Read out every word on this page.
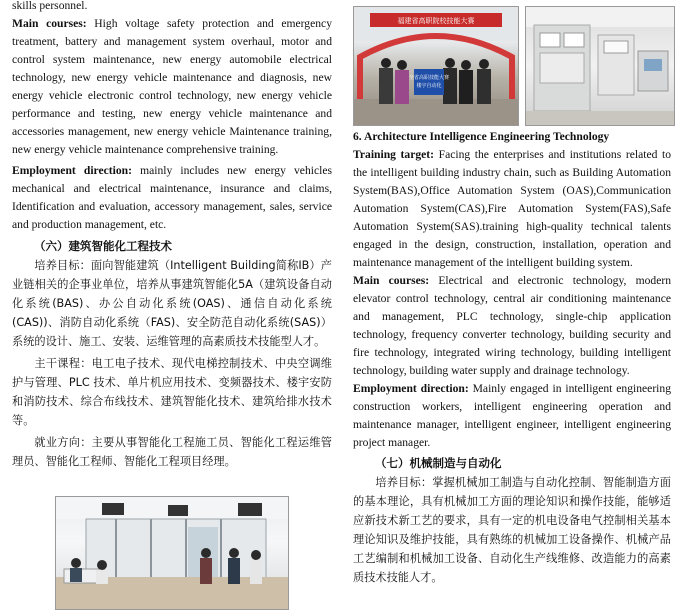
skills personnel.

Main courses: High voltage safety protection and emergency treatment, battery and management system overhaul, motor and control system maintenance, new energy automobile electrical technology, new energy vehicle maintenance and diagnosis, new energy vehicle electronic control technology, new energy vehicle performance and testing, new energy vehicle maintenance and accessories management, new energy vehicle Maintenance training, new energy vehicle maintenance comprehensive training.

Employment direction: mainly includes new energy vehicles mechanical and electrical maintenance, insurance and claims, Identification and evaluation, accessory management, sales, service and production management, etc.

（六）建筑智能化工程技术

培养目标：面向智能建筑（Intelligent Building简称IB）产业链相关的企事业单位，培养从事建筑智能化5A（建筑设备自动化系统(BAS)、办公自动化系统(OAS)、通信自动化系统(CAS))、消防自动化系统（FAS)、安全防范自动化系统(SAS)）系统的设计、施工、安装、运维管理的高素质技术技能型人才。

主干课程：电工电子技术、现代电梯控制技术、中央空调维护与管理、PLC 技术、单片机应用技术、变频器技术、楼宇安防和消防技术、综合布线技术、建筑智能化技术、建筑给排水技术等。

就业方向：主要从事智能化工程施工员、智能化工程运维管理员、智能化工程师、智能化工程项目经理。

福建省高职院校技能大赛
全省高职技能大赛楼宇自动化

6. Architecture Intelligence Engineering Technology

Training target: Facing the enterprises and institutions related to the intelligent building industry chain, such as Building Automation System(BAS),Office Automation System (OAS),Communication Automation System(CAS),Fire Automation System(FAS),Safe Automation System(SAS).training high-quality technical talents engaged in the design, construction, installation, operation and maintenance management of the intelligent building system.

Main courses: Electrical and electronic technology, modern elevator control technology, central air conditioning maintenance and management, PLC technology, single-chip application technology, frequency converter technology, building security and fire technology, integrated wiring technology, building intelligent technology, building water supply and drainage technology.

Employment direction: Mainly engaged in intelligent engineering construction workers, intelligent engineering operation and maintenance manager, intelligent engineer, intelligent engineering project manager.

（七）机械制造与自动化

培养目标：掌握机械加工制造与自动化控制、智能制造方面的基本理论，具有机械加工方面的理论知识和操作技能，能够适应新技术新工艺的要求，具有一定的机电设备电气控制相关基本理论知识及维护技能，具有熟练的机械加工设备操作、机械产品工艺编制和机械加工设备、自动化生产线维修、改造能力的高素质技术技能人才。
